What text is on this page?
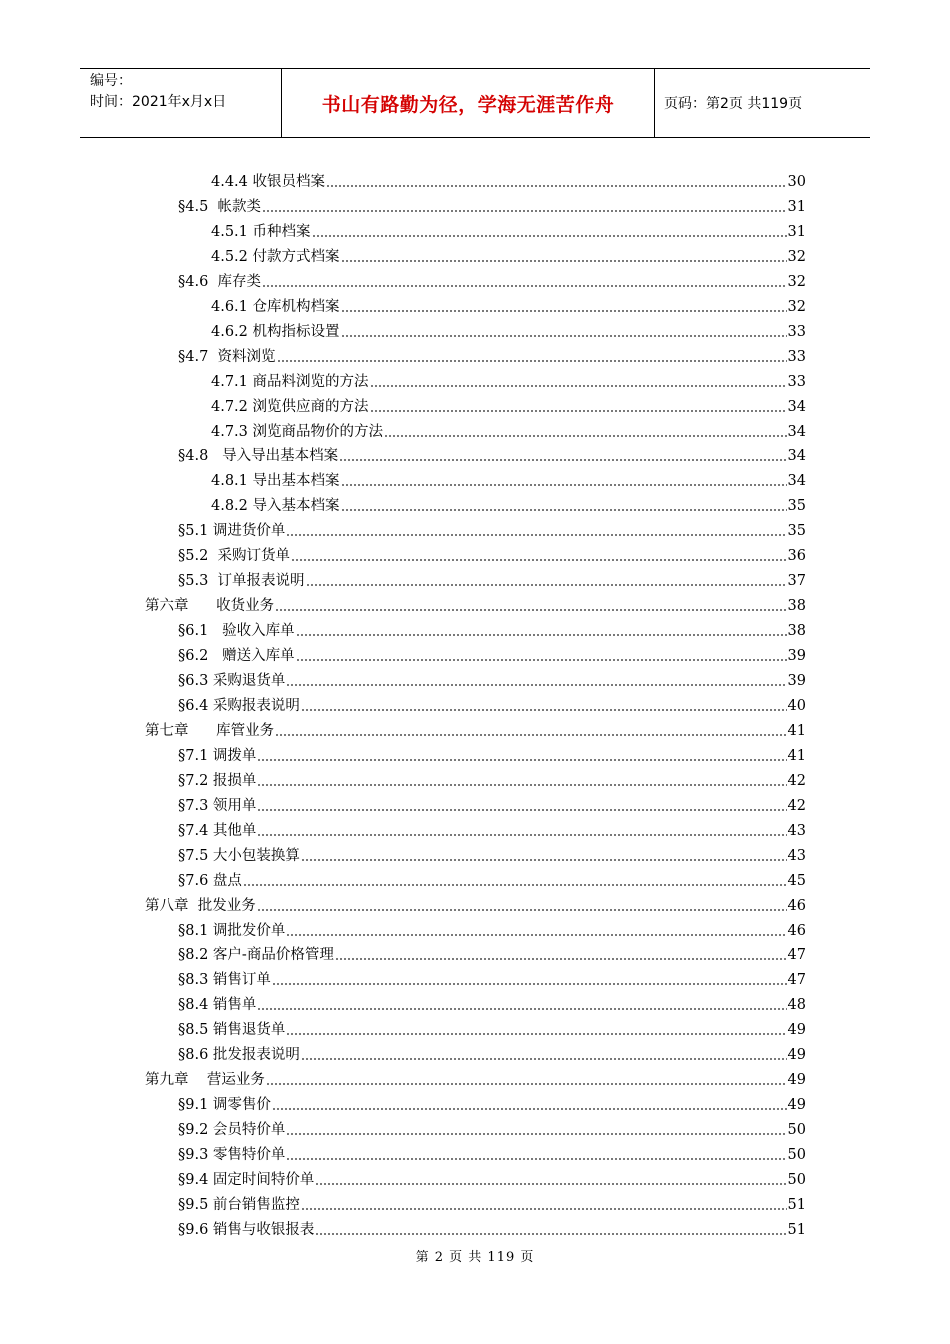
编号：
时间：2021年x月x日	书山有路勤为径，学海无涯苦作舟	页码：第2页 共119页
4.4.4 收银员档案	30
§4.5  帐款类	31
4.5.1 币种档案	31
4.5.2 付款方式档案	32
§4.6  库存类	32
4.6.1 仓库机构档案	32
4.6.2 机构指标设置	33
§4.7  资料浏览	33
4.7.1 商品料浏览的方法	33
4.7.2 浏览供应商的方法	34
4.7.3 浏览商品物价的方法	34
§4.8   导入导出基本档案	34
4.8.1 导出基本档案	34
4.8.2 导入基本档案	35
§5.1 调进货价单	35
§5.2  采购订货单	36
§5.3  订单报表说明	37
第六章      收货业务	38
§6.1   验收入库单	38
§6.2   赠送入库单	39
§6.3 采购退货单	39
§6.4 采购报表说明	40
第七章      库管业务	41
§7.1 调拨单	41
§7.2 报损单	42
§7.3 领用单	42
§7.4 其他单	43
§7.5 大小包装换算	43
§7.6 盘点	45
第八章  批发业务	46
§8.1 调批发价单	46
§8.2 客户-商品价格管理	47
§8.3 销售订单	47
§8.4 销售单	48
§8.5 销售退货单	49
§8.6 批发报表说明	49
第九章    营运业务	49
§9.1 调零售价	49
§9.2 会员特价单	50
§9.3 零售特价单	50
§9.4 固定时间特价单	50
§9.5 前台销售监控	51
§9.6 销售与收银报表	51
第 2 页 共 119 页
